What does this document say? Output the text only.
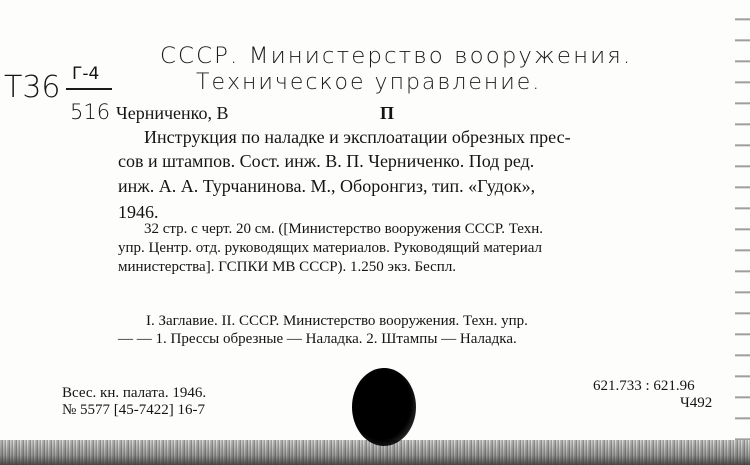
СССР. Министерство вооружения.
Техническое управление.
Т36 Г-4
516 Черниченко, В	П
Инструкция по наладке и эксплоатации обрезных прес-
сов и штампов. Сост. инж. В. П. Черниченко. Под ред.
инж. А. А. Турчанинова. М., Оборонгиз, тип. «Гудок»,
1946.
32 стр. с черт. 20 см. ([Министерство вооружения СССР. Техн.
упр. Центр. отд. руководящих материалов. Руководящий материал
министерства]. ГСПКИ МВ СССР). 1.250 экз. Беспл.
I. Заглавие. II. СССР. Министерство вооружения. Техн. упр.
— — 1. Прессы обрезные — Наладка. 2. Штампы — Наладка.
Всес. кн. палата. 1946.
№ 5577 [45-7422] 16-7
621.733 : 621.96
Ч492
